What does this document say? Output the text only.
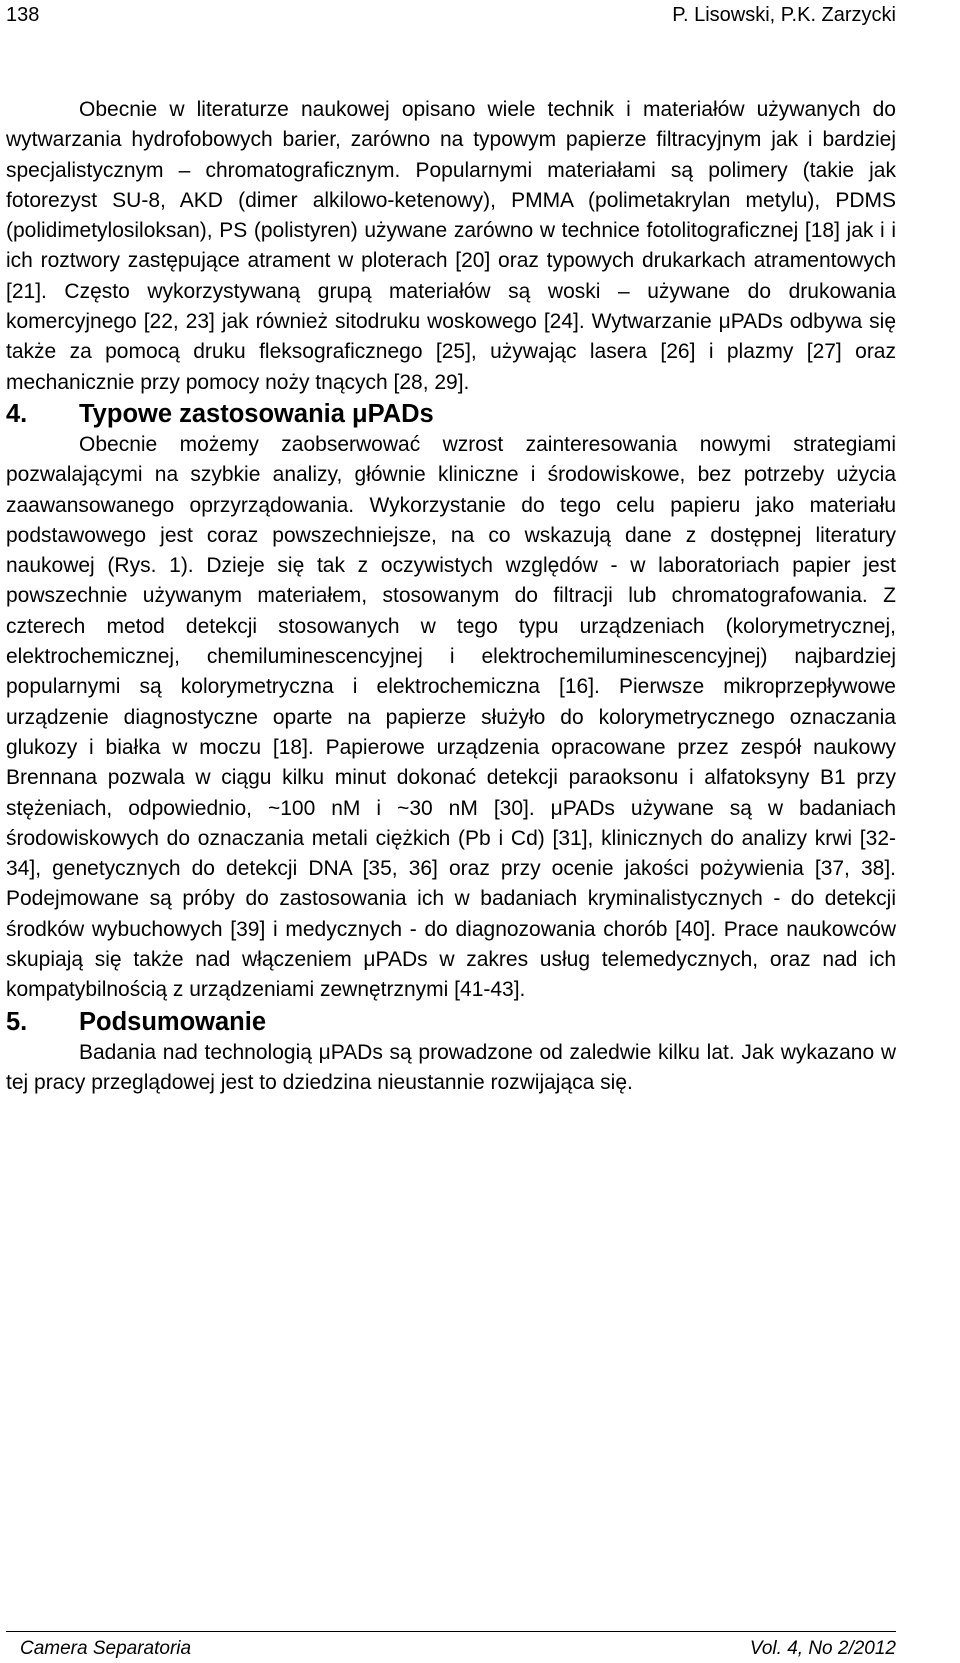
138	P. Lisowski, P.K. Zarzycki

Obecnie w literaturze naukowej opisano wiele technik i materiałów używanych do wytwarzania hydrofobowych barier, zarówno na typowym papierze filtracyjnym jak i bardziej specjalistycznym – chromatograficznym. Popularnymi materiałami są polimery (takie jak fotorezyst SU-8, AKD (dimer alkilowo-ketenowy), PMMA (polimetakrylan metylu), PDMS (polidimetylosiloksan), PS (polistyren) używane zarówno w technice fotolitograficznej [18] jak i i ich roztwory zastępujące atrament w ploterach [20] oraz typowych drukarkach atramentowych [21]. Często wykorzystywaną grupą materiałów są woski – używane do drukowania komercyjnego [22, 23] jak również sitodruku woskowego [24]. Wytwarzanie μPADs odbywa się także za pomocą druku fleksograficznego [25], używając lasera [26] i plazmy [27] oraz mechanicznie przy pomocy noży tnących [28, 29].

4.	Typowe zastosowania μPADs

Obecnie możemy zaobserwować wzrost zainteresowania nowymi strategiami pozwalającymi na szybkie analizy, głównie kliniczne i środowiskowe, bez potrzeby użycia zaawansowanego oprzyrządowania. Wykorzystanie do tego celu papieru jako materiału podstawowego jest coraz powszechniejsze, na co wskazują dane z dostępnej literatury naukowej (Rys. 1). Dzieje się tak z oczywistych względów - w laboratoriach papier jest powszechnie używanym materiałem, stosowanym do filtracji lub chromatografowania. Z czterech metod detekcji stosowanych w tego typu urządzeniach (kolorymetrycznej, elektrochemicznej, chemiluminescencyjnej i elektrochemiluminescencyjnej) najbardziej popularnymi są kolorymetryczna i elektrochemiczna [16]. Pierwsze mikroprzepływowe urządzenie diagnostyczne oparte na papierze służyło do kolorymetrycznego oznaczania glukozy i białka w moczu [18]. Papierowe urządzenia opracowane przez zespół naukowy Brennana pozwala w ciągu kilku minut dokonać detekcji paraoksonu i alfatoksyny B1 przy stężeniach, odpowiednio, ~100 nM i ~30 nM [30]. μPADs używane są w badaniach środowiskowych do oznaczania metali ciężkich (Pb i Cd) [31], klinicznych do analizy krwi [32-34], genetycznych do detekcji DNA [35, 36] oraz przy ocenie jakości pożywienia [37, 38]. Podejmowane są próby do zastosowania ich w badaniach kryminalistycznych - do detekcji środków wybuchowych [39] i medycznych - do diagnozowania chorób [40]. Prace naukowców skupiają się także nad włączeniem μPADs w zakres usług telemedycznych, oraz nad ich kompatybilnością z urządzeniami zewnętrznymi [41-43].

5.	Podsumowanie

Badania nad technologią μPADs są prowadzone od zaledwie kilku lat. Jak wykazano w tej pracy przeglądowej jest to dziedzina nieustannie rozwijająca się.

Camera Separatoria	Vol. 4, No 2/2012
